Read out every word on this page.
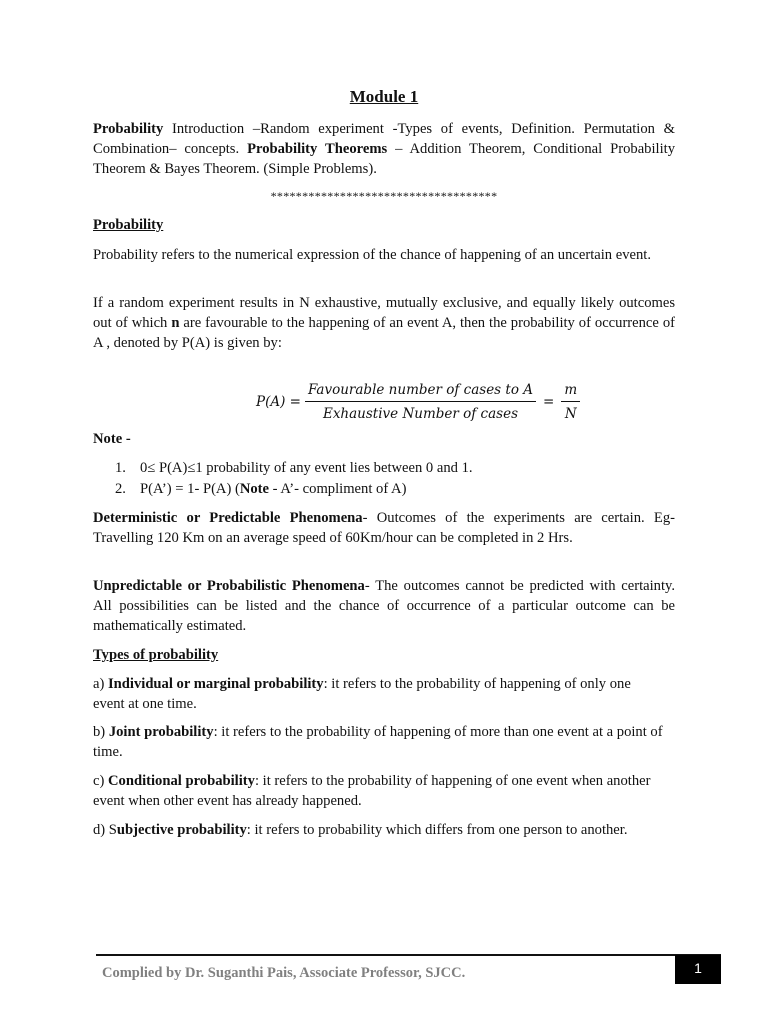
Module 1

Probability Introduction –Random experiment -Types of events, Definition. Permutation & Combination– concepts. Probability Theorems – Addition Theorem, Conditional Probability Theorem & Bayes Theorem. (Simple Problems).

************************************

Probability

Probability refers to the numerical expression of the chance of happening of an uncertain event.

If a random experiment results in N exhaustive, mutually exclusive, and equally likely outcomes out of which n are favourable to the happening of an event A, then the probability of occurrence of A , denoted by P(A) is given by:

$P(A) = \frac{\text{Favourable number of cases to A}}{\text{Exhaustive Number of cases}} = \frac{m}{N}$

Note -

1. 0≤ P(A)≤1 probability of any event lies between 0 and 1.
2. P(A’) = 1- P(A) (Note - A’- compliment of A)

Deterministic or Predictable Phenomena- Outcomes of the experiments are certain. Eg- Travelling 120 Km on an average speed of 60Km/hour can be completed in 2 Hrs.

Unpredictable or Probabilistic Phenomena- The outcomes cannot be predicted with certainty. All possibilities can be listed and the chance of occurrence of a particular outcome can be mathematically estimated.

Types of probability

a) Individual or marginal probability: it refers to the probability of happening of only one event at one time.

b) Joint probability: it refers to the probability of happening of more than one event at a point of time.

c) Conditional probability: it refers to the probability of happening of one event when another event when other event has already happened.

d) Subjective probability: it refers to probability which differs from one person to another.

Complied by Dr. Suganthi Pais, Associate Professor, SJCC.	1
